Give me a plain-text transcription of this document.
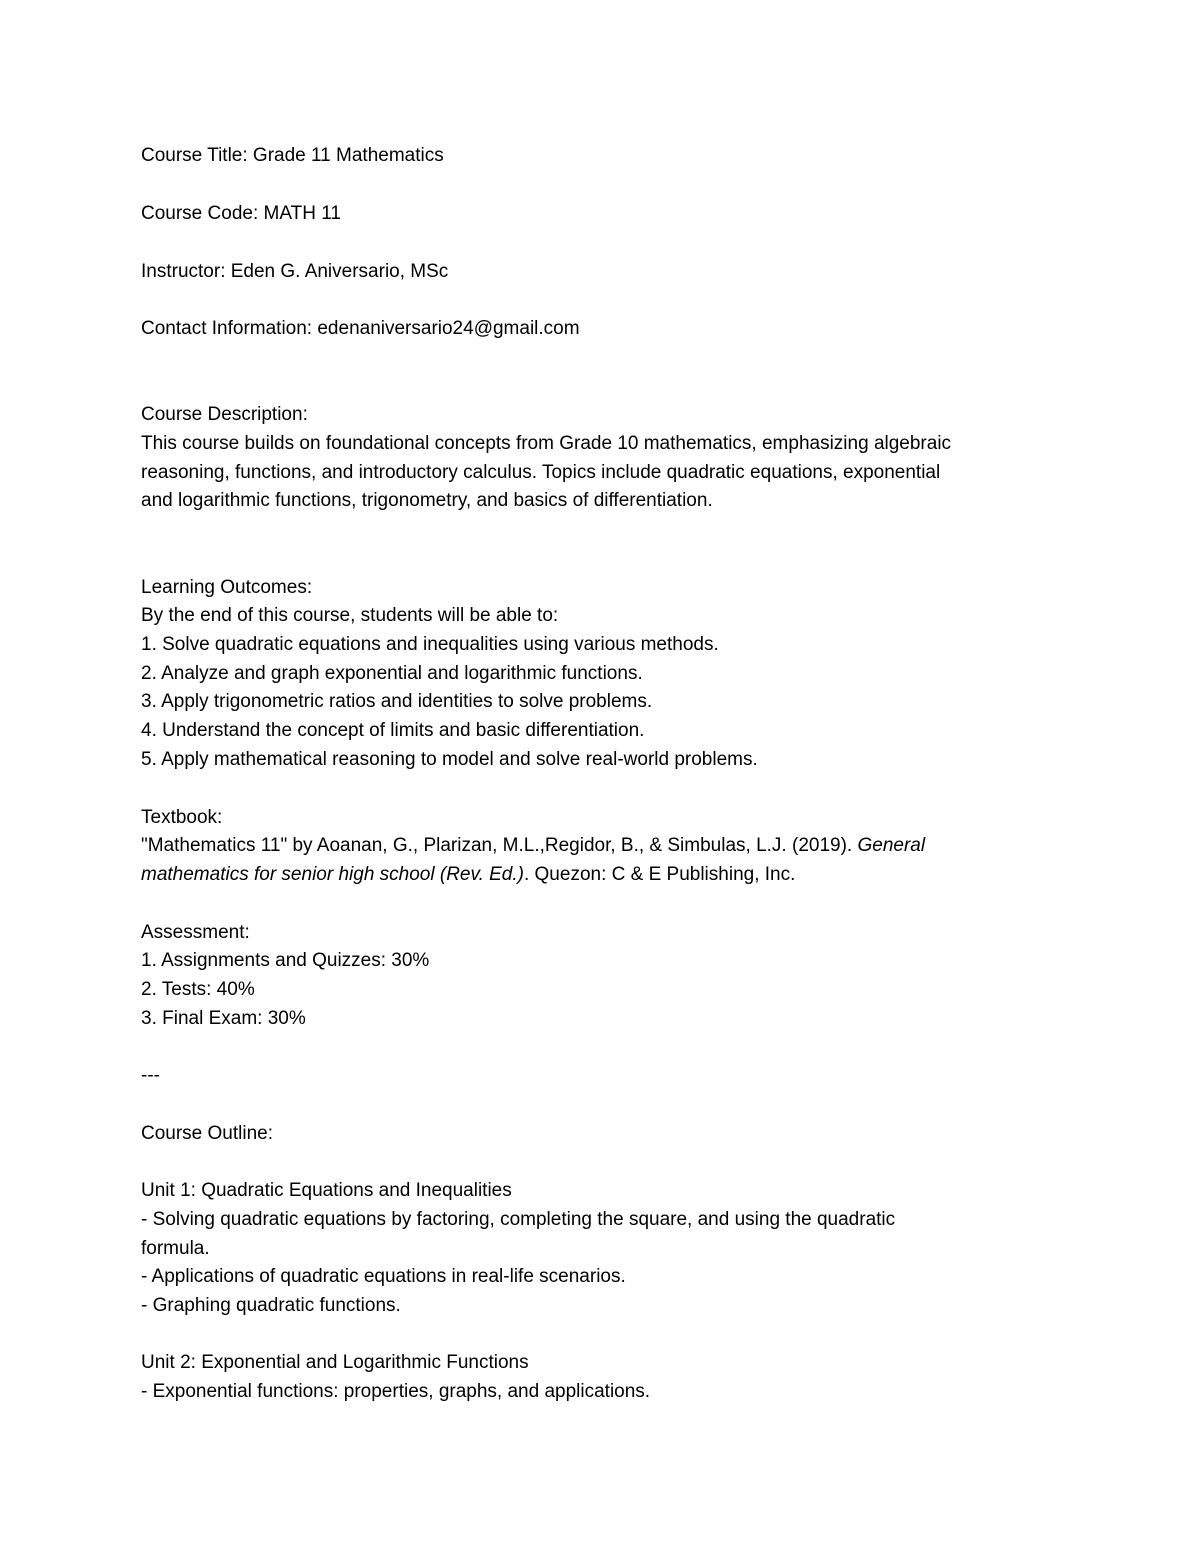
Course Title: Grade 11 Mathematics
Course Code: MATH 11
Instructor: Eden G. Aniversario, MSc
Contact Information: edenaniversario24@gmail.com
Course Description:
This course builds on foundational concepts from Grade 10 mathematics, emphasizing algebraic
reasoning, functions, and introductory calculus. Topics include quadratic equations, exponential
and logarithmic functions, trigonometry, and basics of differentiation.
Learning Outcomes:
By the end of this course, students will be able to:
1. Solve quadratic equations and inequalities using various methods.
2. Analyze and graph exponential and logarithmic functions.
3. Apply trigonometric ratios and identities to solve problems.
4. Understand the concept of limits and basic differentiation.
5. Apply mathematical reasoning to model and solve real-world problems.
Textbook:
"Mathematics 11" by Aoanan, G., Plarizan, M.L.,Regidor, B., & Simbulas, L.J. (2019). General
mathematics for senior high school (Rev. Ed.). Quezon: C & E Publishing, Inc.
Assessment:
1. Assignments and Quizzes: 30%
2. Tests: 40%
3. Final Exam: 30%
---
Course Outline:
Unit 1: Quadratic Equations and Inequalities
- Solving quadratic equations by factoring, completing the square, and using the quadratic
formula.
- Applications of quadratic equations in real-life scenarios.
- Graphing quadratic functions.
Unit 2: Exponential and Logarithmic Functions
- Exponential functions: properties, graphs, and applications.
